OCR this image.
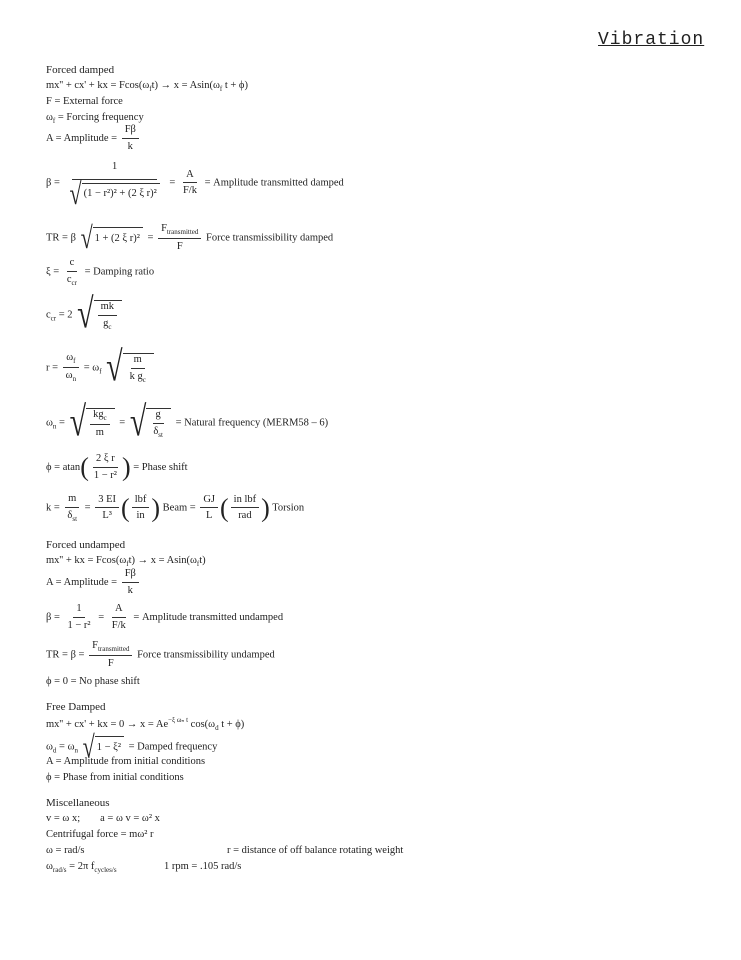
Vibration
Forced damped
mx'' + cx' + kx = $Fcos(\omega_ft) \to x = Asin(\omega_f$ t + ϕ)
F = External force
$\omega_f$ = Forcing frequency
A = Amplitude = $\frac{F\beta}{k}$
$\beta = \frac{1}{\text{√ (1 − r²)² + (2 ξ r)²}} = \frac{A}{F/k}$ = Amplitude transmitted damped
TR = β √ 1 + (2 ξ $r)^2 = \frac{F_{transmitted}}{F}$ Force transmissibility damped
$\xi = \frac{c}{c_{cr}}$ = Damping ratio
$c_{cr} = 2$ √ $\frac{mk}{g_c}$
$r = \frac{\omega_f}{\omega_n} = \omega_f$ √ $\frac{m}{k g_c}$
$\omega_n$ = √ $\frac{kg_c}{m}$ = √ $\frac{g}{\delta_{st}}$ = Natural frequency (MERM58 – 6)
$\phi = atan( \frac{\text{2 ξ r}}{\text{1 − r²}}$ ) = Phase shift
$k = \frac{m}{\delta_{st}} = \frac{3 EI}{\text{L³}}$ ( $\frac{\text{lbf}}{in}$ ) Beam = $\frac{GJ}{L}$ ( $\frac{\text{in lbf}}{\text{rad}}$ ) Torsion
Forced undamped
mx'' + kx = $Fcos(\omega_ft) \to x = Asin(\omega_ft)$
A = Amplitude = $\frac{F\beta}{k}$
$\beta = \frac{1}{\text{1 − r²}} = \frac{A}{F/k}$ = Amplitude transmitted undamped
TR = $\beta = \frac{F_{transmitted}}{F}$ Force transmissibility undamped
ϕ = 0 = No phase shift
Free Damped
mx'' + cx' + kx = $0 \to x = Ae^{-\xi \omega_n t}$ $\cos(\omega_d$ t + ϕ)
$\omega_d = \omega_n$ √ 1 − ξ² = Damped frequency
A = Amplitude from initial conditions
ϕ = Phase from initial conditions
Miscellaneous
v = ω x; a = ω v = ω² x
Centrifugal force = mω² r
ω = rad/s	r = distance of off balance rotating weight
$\omega_{rad/s} = 2\pi$ $f_{cycles/s}$	1 rpm = .105 rad/s
